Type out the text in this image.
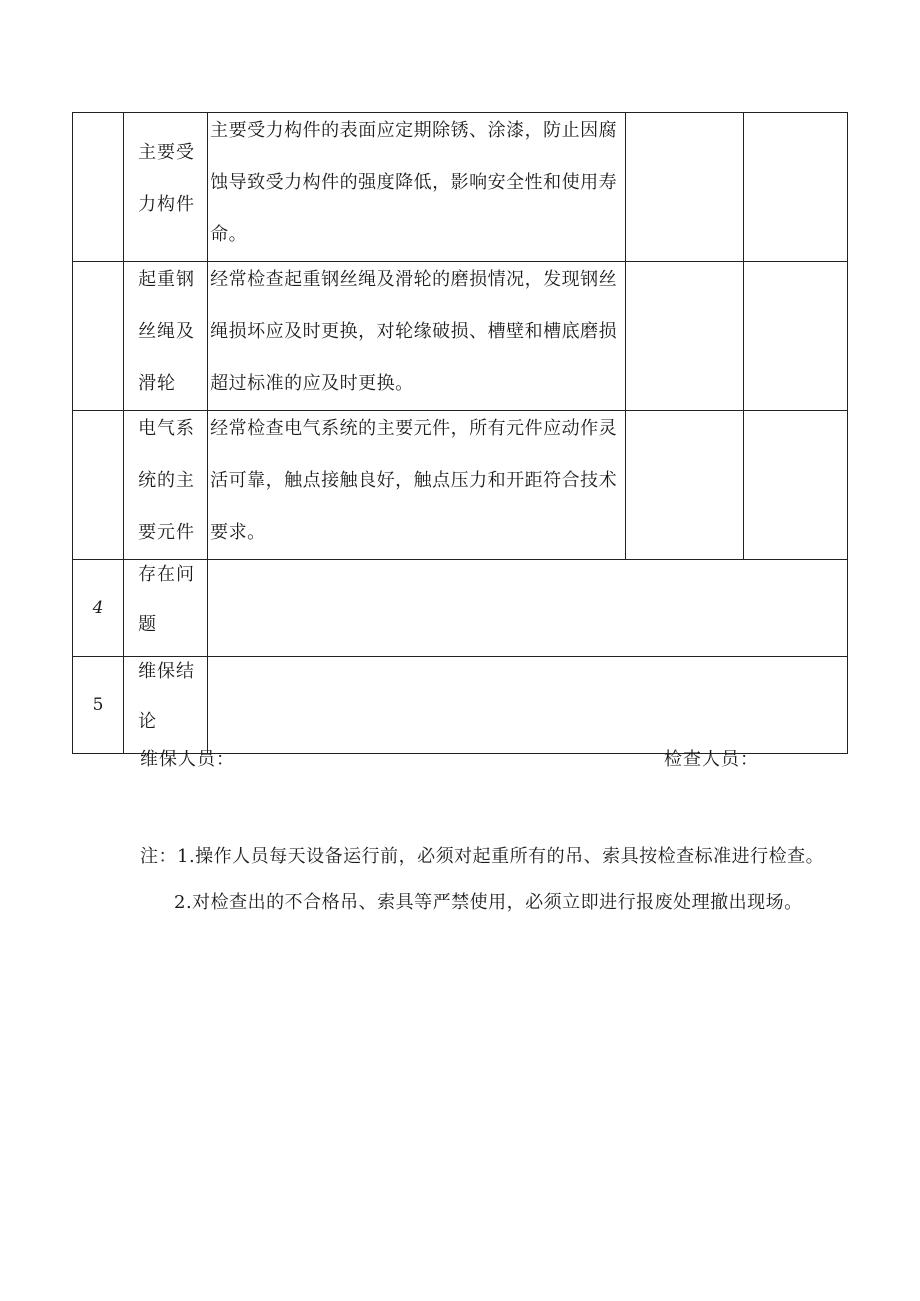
	主要受力构件	主要受力构件的表面应定期除锈、涂漆，防止因腐蚀导致受力构件的强度降低，影响安全性和使用寿命。		

	起重钢丝绳及滑轮	经常检查起重钢丝绳及滑轮的磨损情况，发现钢丝绳损坏应及时更换，对轮缘破损、槽壁和槽底磨损超过标准的应及时更换。		

	电气系统的主要元件	经常检查电气系统的主要元件，所有元件应动作灵活可靠，触点接触良好，触点压力和开距符合技术要求。		

4	存在问题			

5	维保结论			

维保人员：	检查人员：
注：1.操作人员每天设备运行前，必须对起重所有的吊、索具按检查标准进行检查。
2.对检查出的不合格吊、索具等严禁使用，必须立即进行报废处理撤出现场。
